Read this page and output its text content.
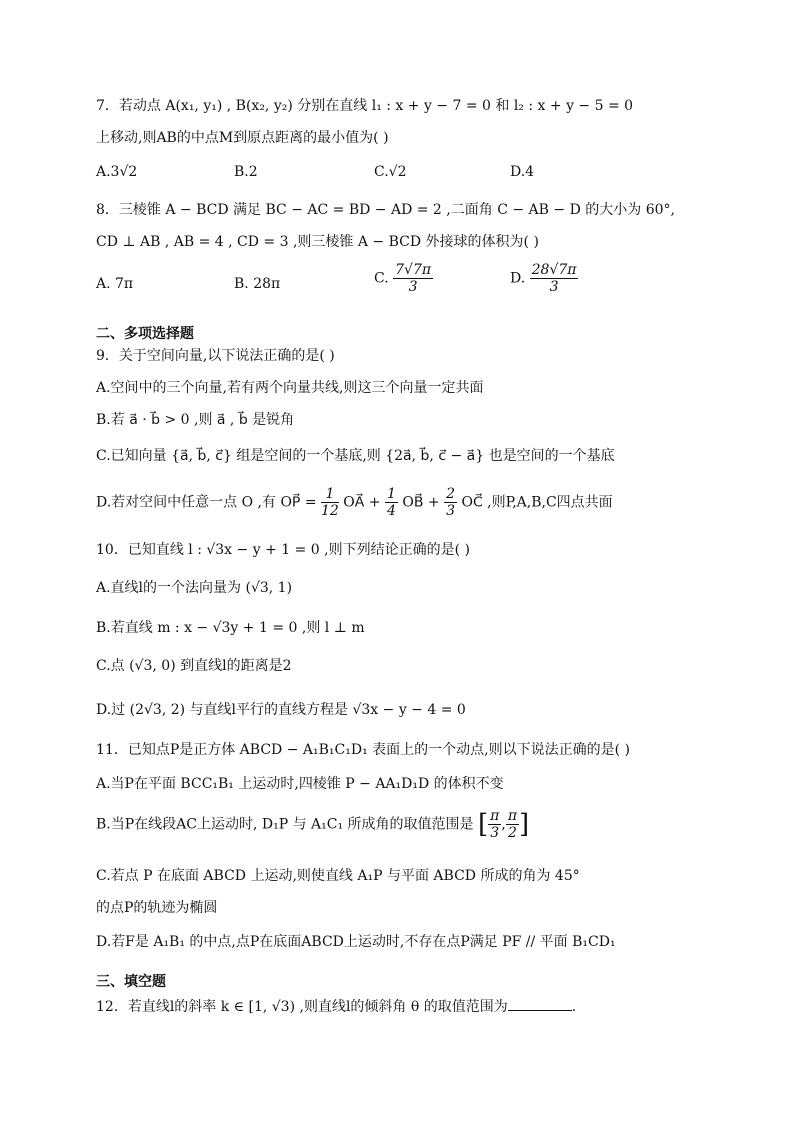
7．若动点 A(x₁, y₁) , B(x₂, y₂) 分别在直线 l₁ : x + y − 7 = 0 和 l₂ : x + y − 5 = 0
上移动,则AB的中点M到原点距离的最小值为( )
A.3√2	B.2	C.√2	D.4
8．三棱锥 A − BCD 满足 BC − AC = BD − AD = 2 ,二面角 C − AB − D 的大小为 60°,
CD ⊥ AB , AB = 4 , CD = 3 ,则三棱锥 A − BCD 外接球的体积为( )
A. 7π	B. 28π	C. $\frac{7√7\pi}{3}$	D. $\frac{28√7\pi}{3}$
二、多项选择题
9．关于空间向量,以下说法正确的是( )
A.空间中的三个向量,若有两个向量共线,则这三个向量一定共面
B.若 a⃗ · b⃗ > 0 ,则 a⃗ , b⃗ 是锐角
C.已知向量 {a⃗, b⃗, c⃗} 组是空间的一个基底,则 {2a⃗, b⃗, c⃗ − a⃗} 也是空间的一个基底
D.若对空间中任意一点 O ,有 OP⃗ = $\frac{1}{12}$ OA⃗ + $\frac{1}{4}$ OB⃗ + $\frac{2}{3}$ OC⃗ ,则P,A,B,C四点共面
10．已知直线 l : √3x − y + 1 = 0 ,则下列结论正确的是( )
A.直线l的一个法向量为 (√3, 1)
B.若直线 m : x − √3y + 1 = 0 ,则 l ⊥ m
C.点 (√3, 0) 到直线l的距离是2
D.过 (2√3, 2) 与直线l平行的直线方程是 √3x − y − 4 = 0
11．已知点P是正方体 ABCD − A₁B₁C₁D₁ 表面上的一个动点,则以下说法正确的是( )
A.当P在平面 BCC₁B₁ 上运动时,四棱锥 P − AA₁D₁D 的体积不变
B.当P在线段AC上运动时, D₁P 与 A₁C₁ 所成角的取值范围是 [ $\frac{\pi}{3}$ , $\frac{\pi}{2}$ ]
C.若点 P 在底面 ABCD 上运动,则使直线 A₁P 与平面 ABCD 所成的角为 45°
的点P的轨迹为椭圆
D.若F是 A₁B₁ 的中点,点P在底面ABCD上运动时,不存在点P满足 PF // 平面 B₁CD₁
三、填空题
12．若直线l的斜率 k ∈ [1, √3) ,则直线l的倾斜角 θ 的取值范围为	.
